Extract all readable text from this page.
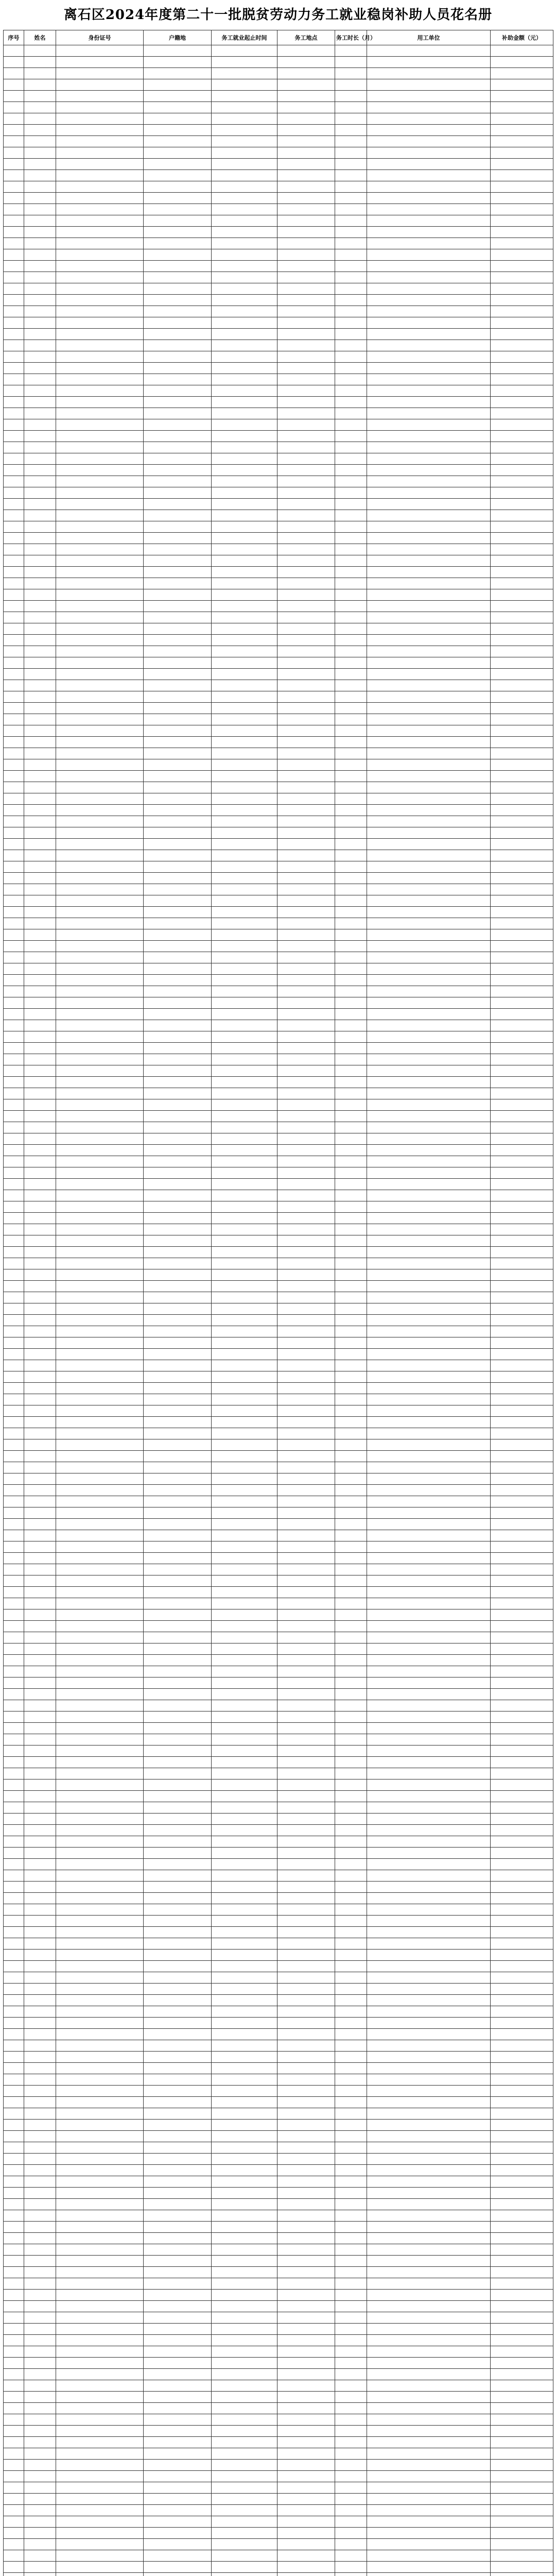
离石区2024年度第二十一批脱贫劳动力务工就业稳岗补助人员花名册
序号	姓名	身份证号	户籍地	务工就业起止时间	务工地点	务工时长（月）	用工单位	补助金额（元）
